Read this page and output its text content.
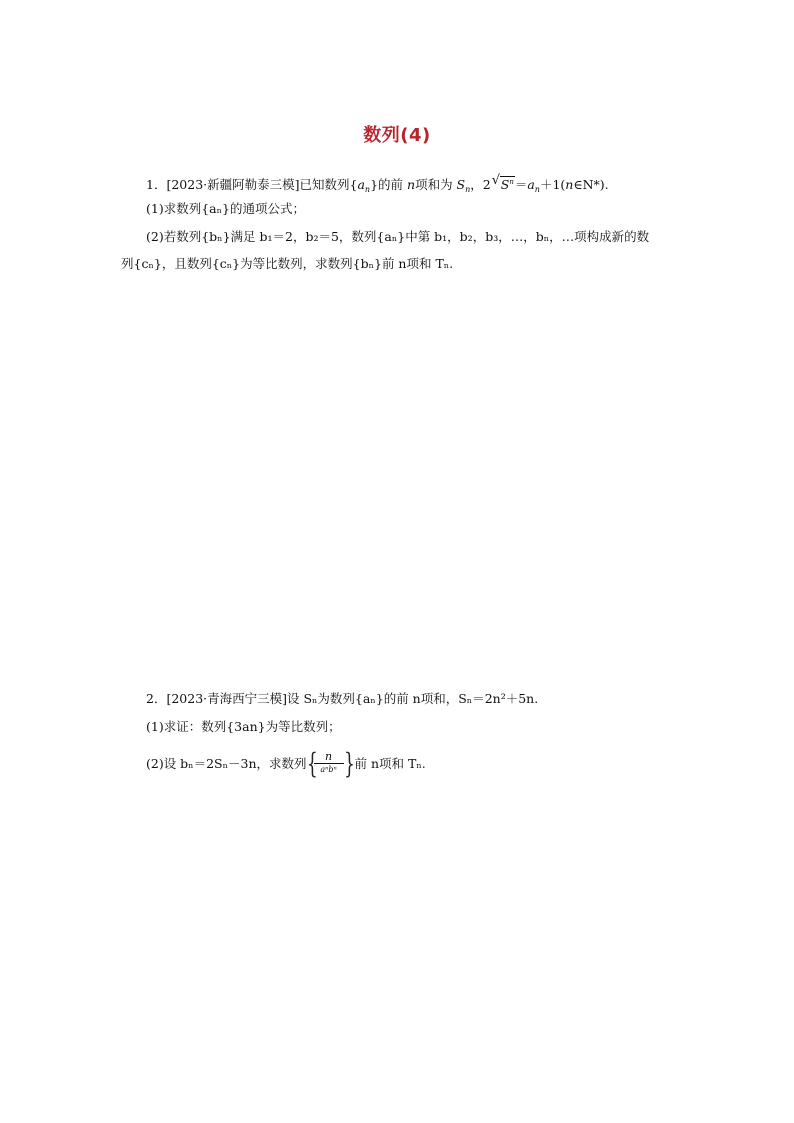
数列(4)
1．[2023·新疆阿勒泰三模]已知数列$\{a_n\}$的前 n项和为 $S_n$，2 √ $S^n=a_n+1(n\in N*)$.
(1)求数列{aₙ}的通项公式；
(2)若数列{bₙ}满足 b₁＝2，b₂＝5，数列{aₙ}中第 b₁，b₂，b₃，…，bₙ，…项构成新的数
列{cₙ}，且数列{cₙ}为等比数列，求数列{bₙ}前 n项和 Tₙ.
2．[2023·青海西宁三模]设 Sₙ为数列{aₙ}的前 n项和，Sₙ＝2n²＋5n.
(1)求证：数列{3an}为等比数列；
(2)设 bₙ＝2Sₙ－3n，求数列 { n
aⁿbⁿ } 前 n项和 Tₙ.
